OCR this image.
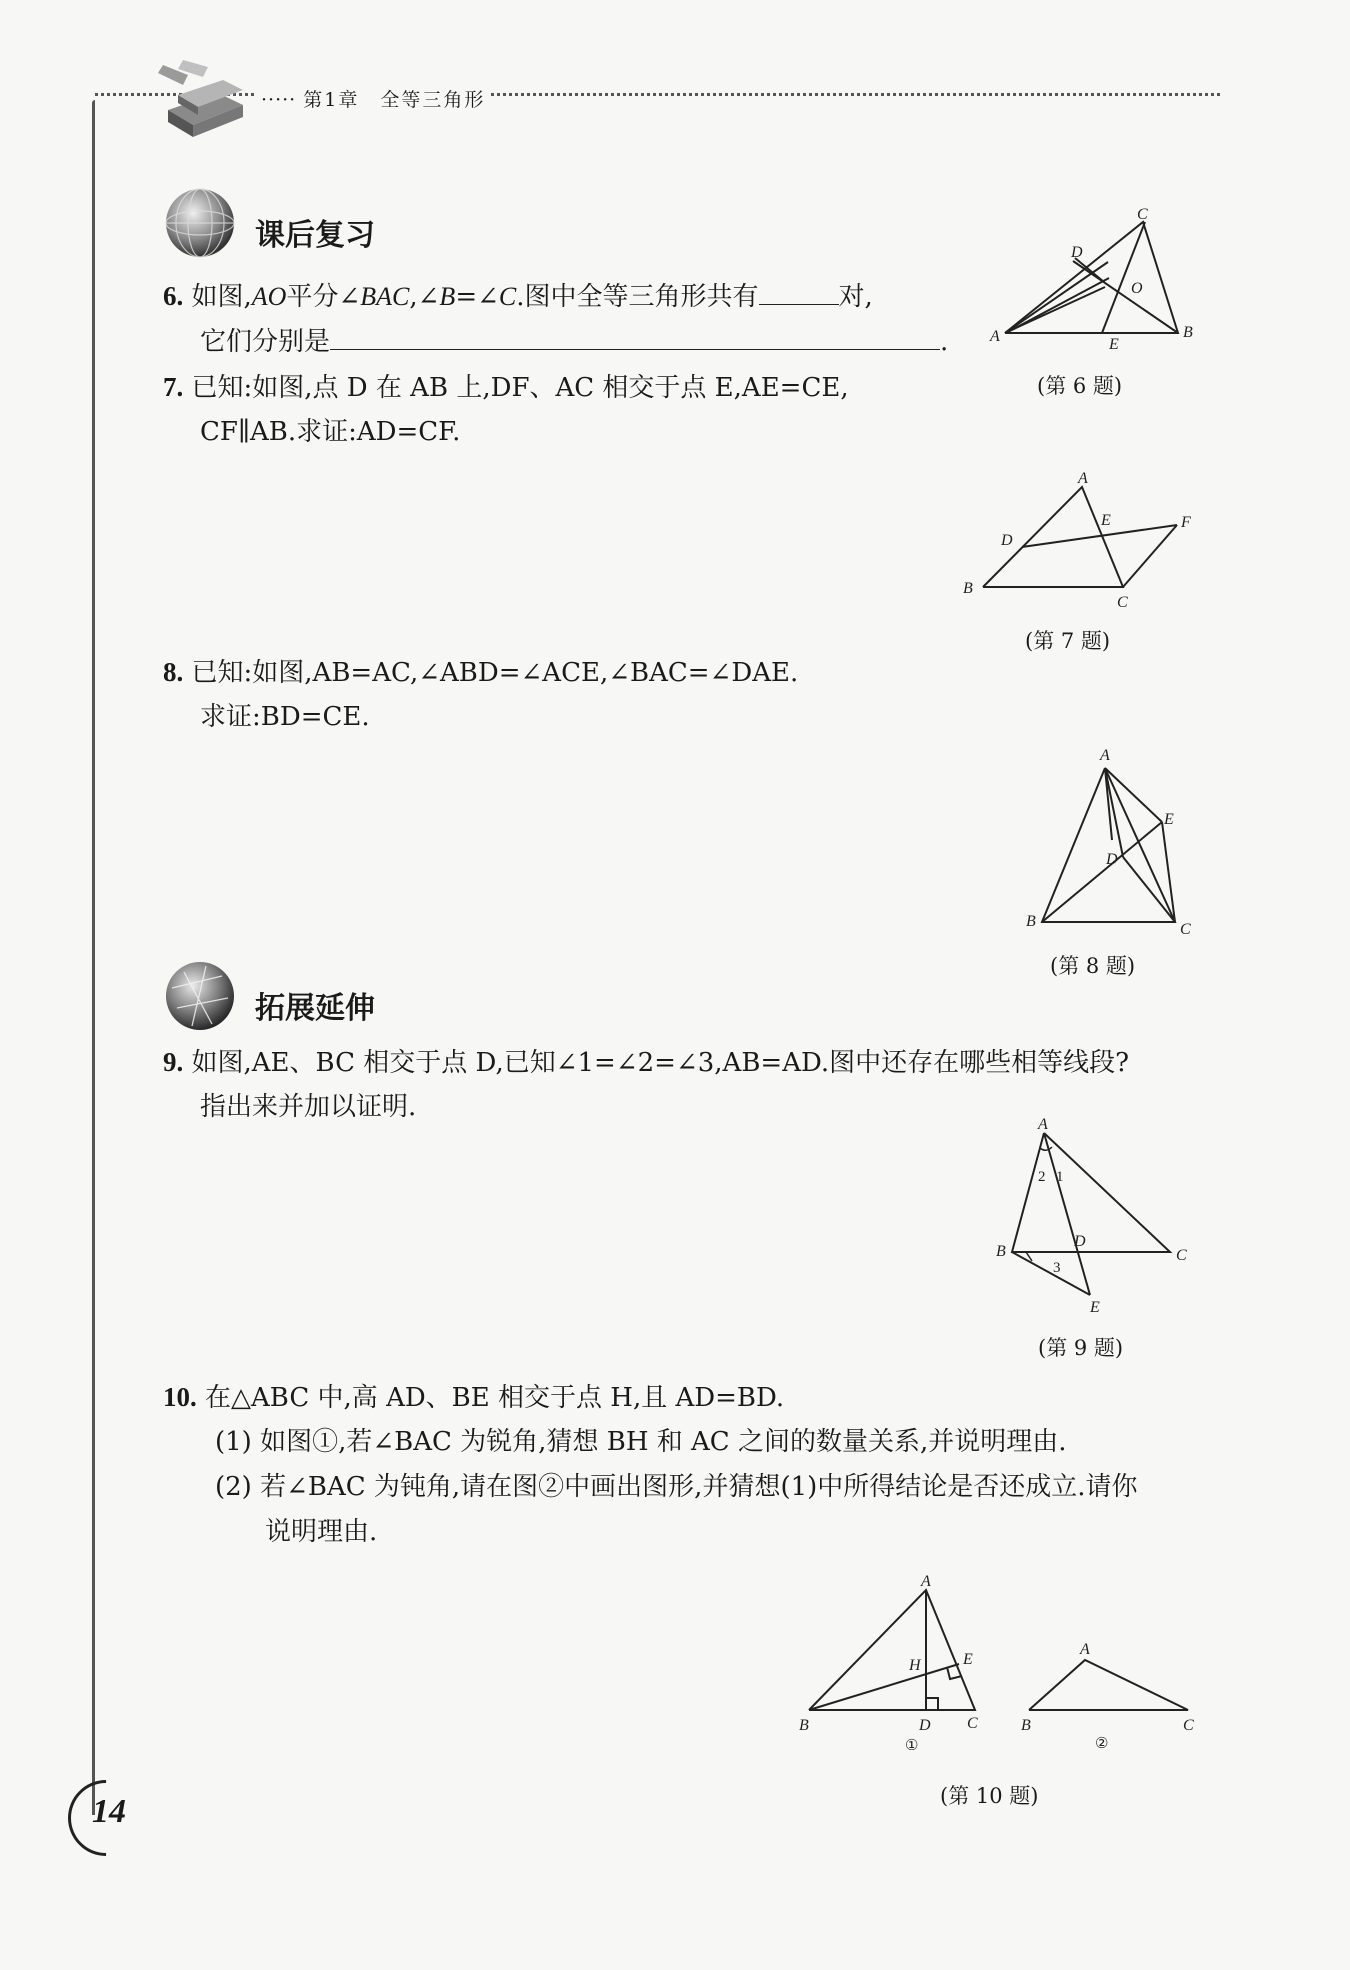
····· 第1章　全等三角形
课后复习
6. 如图,AO平分∠BAC,∠B=∠C.图中全等三角形共有	对,
它们分别是	.
C
D
O
A	B
E
(第 6 题)
7. 已知:如图,点 D 在 AB 上,DF、AC 相交于点 E,AE=CE,
CF∥AB.求证:AD=CF.
A
E	F
D
B
C
(第 7 题)
8. 已知:如图,AB=AC,∠ABD=∠ACE,∠BAC=∠DAE.
求证:BD=CE.
A
E
D
B	C
(第 8 题)
拓展延伸
9. 如图,AE、BC 相交于点 D,已知∠1=∠2=∠3,AB=AD.图中还存在哪些相等线段?
指出来并加以证明.
A
2 1
D
B	C
3
E
(第 9 题)
10. 在△ABC 中,高 AD、BE 相交于点 H,且 AD=BD.
(1) 如图①,若∠BAC 为锐角,猜想 BH 和 AC 之间的数量关系,并说明理由.
(2) 若∠BAC 为钝角,请在图②中画出图形,并猜想(1)中所得结论是否还成立.请你
说明理由.
A
E
H
B	D C
①
A
B	C
②
(第 10 题)
14
